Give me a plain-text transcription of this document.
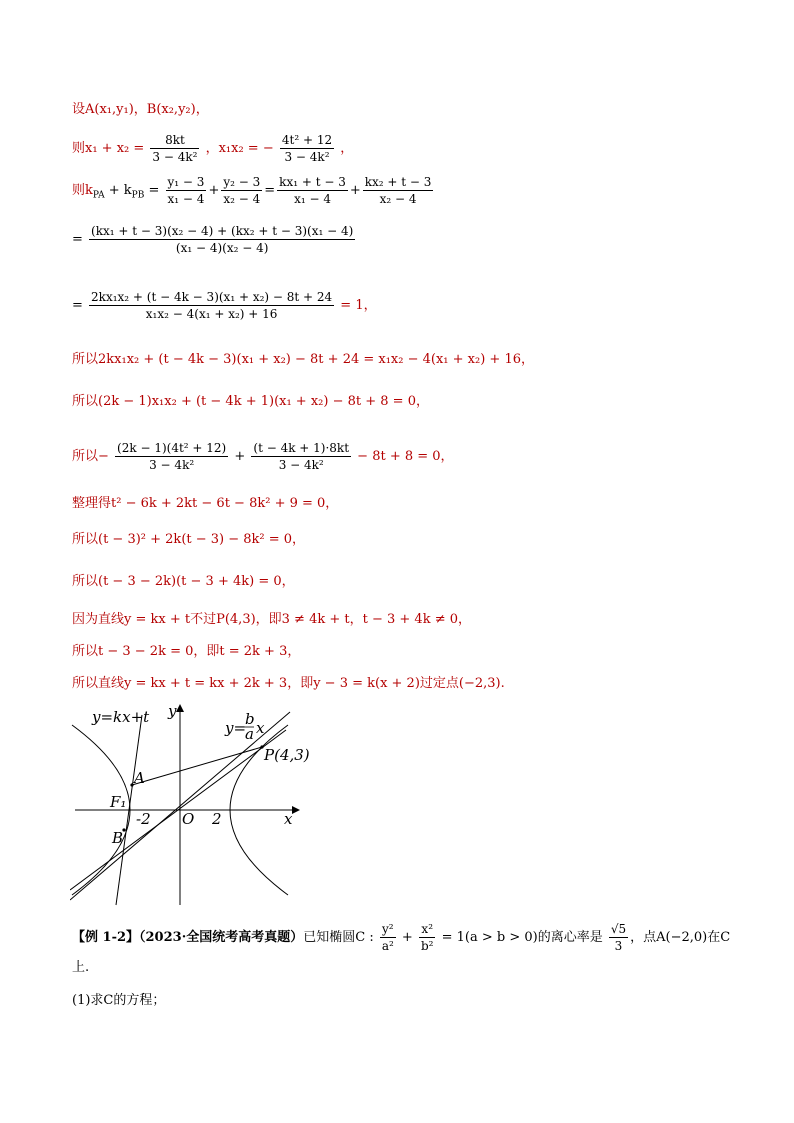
设A(x₁,y₁)，B(x₂,y₂)，
则$x_1 + x_2 = \frac{8kt}{\text{3 − 4k²}}$ ，x₁x₂ = − $\frac{\text{4t² + 12}}{\text{3 − 4k²}}$ ，
则$k_{PA} + k_{PB} = \frac{\text{y₁ − 3}}{\text{x₁ − 4}} + \frac{\text{y₂ − 3}}{\text{x₂ − 4}} = \frac{\text{kx₁ + t − 3}}{\text{x₁ − 4}} + \frac{\text{kx₂ + t − 3}}{\text{x₂ − 4}}$
= $\frac{\text{(kx₁ + t − 3)(x₂ − 4) + (kx₂ + t − 3)(x₁ − 4)}}{\text{(x₁ − 4)(x₂ − 4)}}$
= $\frac{\text{2kx₁x₂ + (t − 4k − 3)(x₁ + x₂) − 8t + 24}}{\text{x₁x₂ − 4(x₁ + x₂) + 16}} = 1$，
所以2kx₁x₂ + (t − 4k − 3)(x₁ + x₂) − 8t + 24 = x₁x₂ − 4(x₁ + x₂) + 16，
所以(2k − 1)x₁x₂ + (t − 4k + 1)(x₁ + x₂) − 8t + 8 = 0，
所以− $\frac{\text{(2k − 1)(4t² + 12)}}{\text{3 − 4k²}} + \frac{(t - 4k + 1)\cdot 8kt}{\text{3 − 4k²}} - 8t + 8 = 0$，
整理得t² − 6k + 2kt − 6t − 8k² + 9 = 0，
所以(t − 3)² + 2k(t − 3) − 8k² = 0，
所以(t − 3 − 2k)(t − 3 + 4k) = 0，
因为直线y = kx + t不过P(4,3)，即3 ≠ 4k + t，t − 3 + 4k ≠ 0，
所以t − 3 − 2k = 0，即t = 2k + 3，
所以直线y = kx + t = kx + 2k + 3，即y − 3 = k(x + 2)过定点(−2,3).
y=kx+t
y=
b
a x
P(4,3)
A
B
F₁
O
-2	2	x
y
【例 1-2】（2023·全国统考高考真题）已知椭圆C : $\frac{\text{y²}}{\text{a²}} + \frac{\text{x²}}{\text{b²}} = 1(a > b > 0)$的离心率是 $\frac{√5}{3}$ ，点A(−2,0)在C
上.
(1)求C的方程；
